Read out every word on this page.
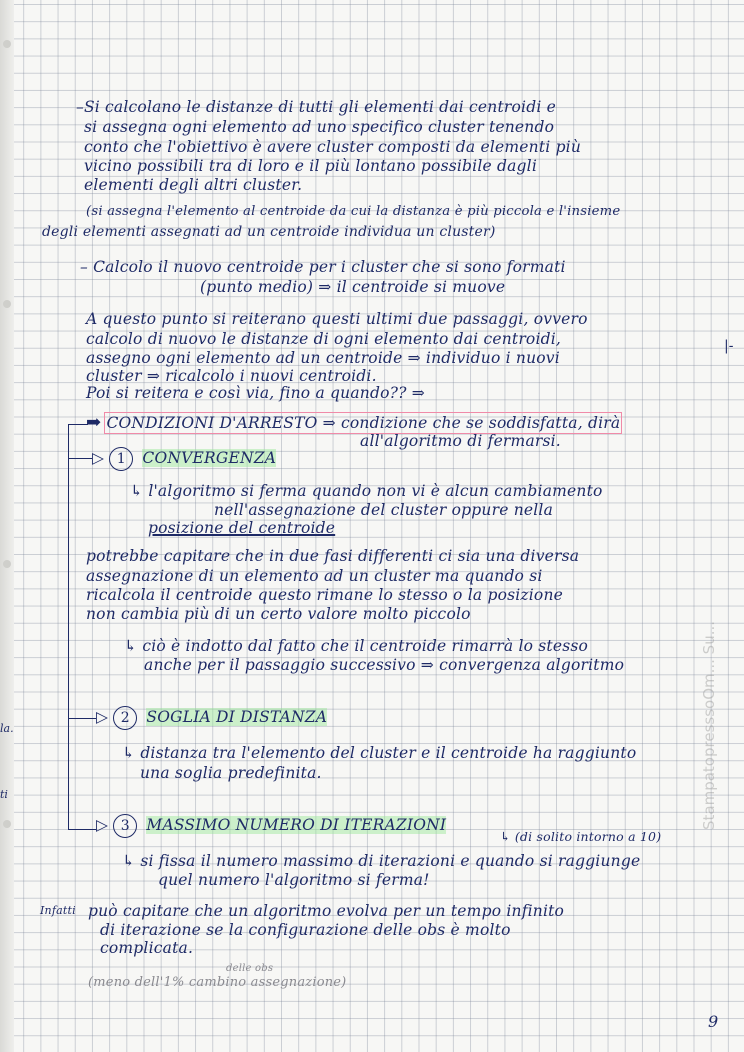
–Si calcolano le distanze di tutti gli elementi dai centroidi e
si assegna ogni elemento ad uno specifico cluster tenendo
conto che l'obiettivo è avere cluster composti da elementi più
vicino possibili tra di loro e il più lontano possibile dagli
elementi degli altri cluster.
(si assegna l'elemento al centroide da cui la distanza è più piccola e l'insieme
degli elementi assegnati ad un centroide individua un cluster)
– Calcolo il nuovo centroide per i cluster che si sono formati
(punto medio) ⇒ il centroide si muove
A questo punto si reiterano questi ultimi due passaggi, ovvero
calcolo di nuovo le distanze di ogni elemento dai centroidi,
assegno ogni elemento ad un centroide ⇒ individuo i nuovi
cluster ⇒ ricalcolo i nuovi centroidi.
Poi si reitera e così via, fino a quando?? ⇒
|-
➡ CONDIZIONI D'ARRESTO ⇒ condizione che se soddisfatta, dirà
all'algoritmo di fermarsi.
▷ 1 CONVERGENZA
↳ l'algoritmo si ferma quando non vi è alcun cambiamento
nell'assegnazione del cluster oppure nella
posizione del centroide
potrebbe capitare che in due fasi differenti ci sia una diversa
assegnazione di un elemento ad un cluster ma quando si
ricalcola il centroide questo rimane lo stesso o la posizione
non cambia più di un certo valore molto piccolo
↳ ciò è indotto dal fatto che il centroide rimarrà lo stesso
anche per il passaggio successivo ⇒ convergenza algoritmo
la.
▷ 2 SOGLIA DI DISTANZA
↳ distanza tra l'elemento del cluster e il centroide ha raggiunto
una soglia predefinita.
ti
▷ 3 MASSIMO NUMERO DI ITERAZIONI
↳ (di solito intorno a 10)
↳ si fissa il numero massimo di iterazioni e quando si raggiunge
quel numero l'algoritmo si ferma!
Infatti può capitare che un algoritmo evolva per un tempo infinito
di iterazione se la configurazione delle obs è molto
complicata.
delle obs
(meno dell'1% cambino assegnazione)
StampatopresssoOm... Su...
9
